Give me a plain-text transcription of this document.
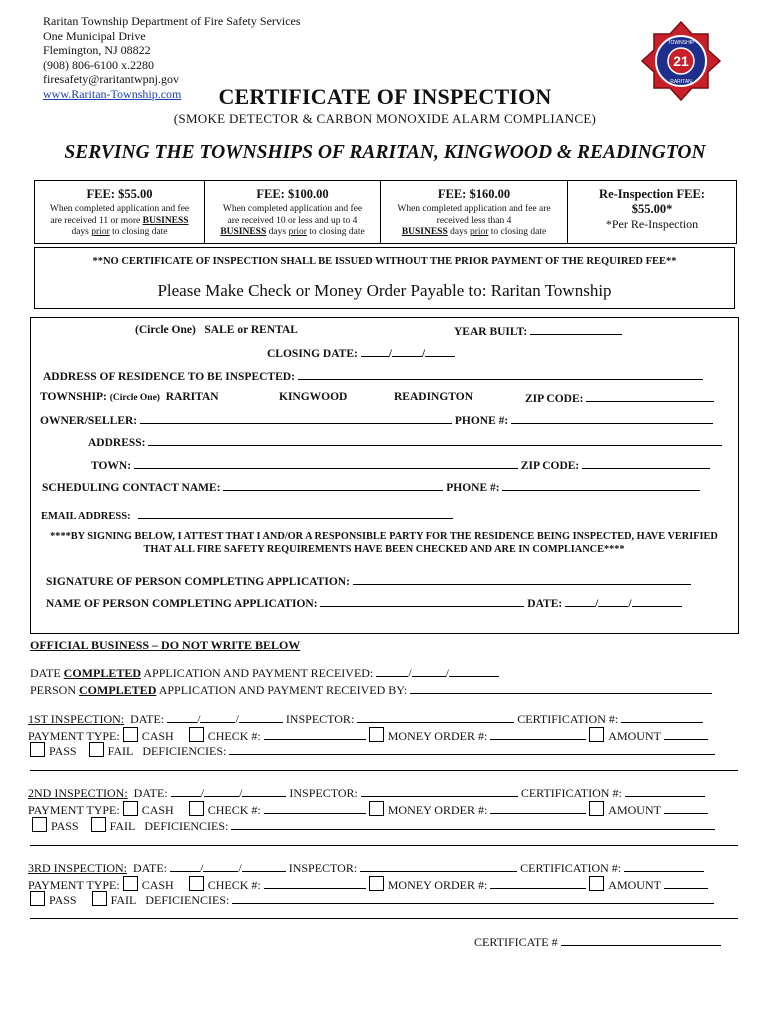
Raritan Township Department of Fire Safety Services
One Municipal Drive
Flemington, NJ 08822
(908) 806-6100 x.2280
firesafety@raritantwpnj.gov
www.Raritan-Township.com
21
TOWNSHIP
RARITAN
CERTIFICATE OF INSPECTION
(SMOKE DETECTOR & CARBON MONOXIDE ALARM COMPLIANCE)
SERVING THE TOWNSHIPS OF RARITAN, KINGWOOD & READINGTON
FEE: $55.00
When completed application and fee
are received 11 or more BUSINESS
days prior to closing date
FEE: $100.00
When completed application and fee
are received 10 or less and up to 4
BUSINESS days prior to closing date
FEE: $160.00
When completed application and fee are
received less than 4
BUSINESS days prior to closing date
Re-Inspection FEE:
$55.00*
*Per Re-Inspection
**NO CERTIFICATE OF INSPECTION SHALL BE ISSUED WITHOUT THE PRIOR PAYMENT OF THE REQUIRED FEE**
Please Make Check or Money Order Payable to: Raritan Township
(Circle One) SALE or RENTAL	YEAR BUILT:
CLOSING DATE:	/	/
ADDRESS OF RESIDENCE TO BE INSPECTED:
TOWNSHIP: (Circle One) RARITAN	KINGWOOD	READINGTON	ZIP CODE:
OWNER/SELLER:	PHONE #:
ADDRESS:
TOWN:	ZIP CODE:
SCHEDULING CONTACT NAME:	PHONE #:
EMAIL ADDRESS:
****BY SIGNING BELOW, I ATTEST THAT I AND/OR A RESPONSIBLE PARTY FOR THE RESIDENCE BEING INSPECTED, HAVE VERIFIED THAT ALL FIRE SAFETY REQUIREMENTS HAVE BEEN CHECKED AND ARE IN COMPLIANCE****
SIGNATURE OF PERSON COMPLETING APPLICATION:
NAME OF PERSON COMPLETING APPLICATION:	DATE:	/	/
OFFICIAL BUSINESS – DO NOT WRITE BELOW
DATE COMPLETED APPLICATION AND PAYMENT RECEIVED:	/	/
PERSON COMPLETED APPLICATION AND PAYMENT RECEIVED BY:
1ST INSPECTION: DATE:	/	/	INSPECTOR:	CERTIFICATION #:
PAYMENT TYPE: CASH	CHECK #:	MONEY ORDER #:	AMOUNT
PASS	FAIL DEFICIENCIES:
2ND INSPECTION: DATE:	/	/	INSPECTOR:	CERTIFICATION #:
PAYMENT TYPE: CASH	CHECK #:	MONEY ORDER #:	AMOUNT
PASS	FAIL DEFICIENCIES:
3RD INSPECTION: DATE:	/	/	INSPECTOR:	CERTIFICATION #:
PAYMENT TYPE: CASH	CHECK #:	MONEY ORDER #:	AMOUNT
PASS	FAIL DEFICIENCIES:
CERTIFICATE #
